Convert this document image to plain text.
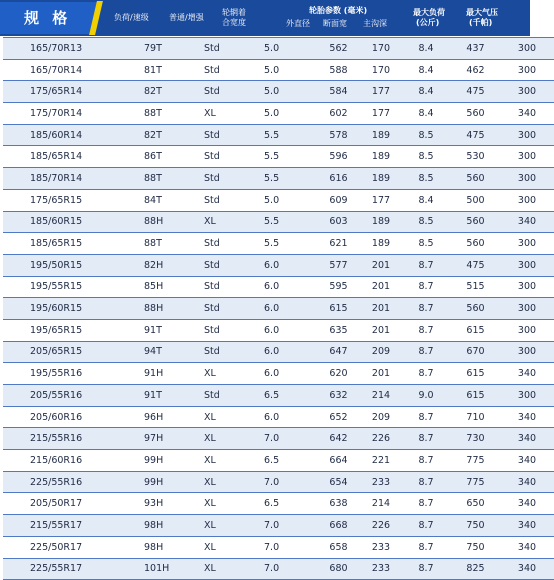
规 格	负荷/速级	普通/增强
轮辋着
合宽度
轮胎参数 (毫米)
外直径 断面宽 主沟深
最大负荷
(公斤)
最大气压
(千帕)
165/70R13	79T	Std	5.0	562	170	8.4	437	300
165/70R14	81T	Std	5.0	588	170	8.4	462	300
175/65R14	82T	Std	5.0	584	177	8.4	475	300
175/70R14	88T	XL	5.0	602	177	8.4	560	340
185/60R14	82T	Std	5.5	578	189	8.5	475	300
185/65R14	86T	Std	5.5	596	189	8.5	530	300
185/70R14	88T	Std	5.5	616	189	8.5	560	300
175/65R15	84T	Std	5.0	609	177	8.4	500	300
185/60R15	88H	XL	5.5	603	189	8.5	560	340
185/65R15	88T	Std	5.5	621	189	8.5	560	300
195/50R15	82H	Std	6.0	577	201	8.7	475	300
195/55R15	85H	Std	6.0	595	201	8.7	515	300
195/60R15	88H	Std	6.0	615	201	8.7	560	300
195/65R15	91T	Std	6.0	635	201	8.7	615	300
205/65R15	94T	Std	6.0	647	209	8.7	670	300
195/55R16	91H	XL	6.0	620	201	8.7	615	340
205/55R16	91T	Std	6.5	632	214	9.0	615	300
205/60R16	96H	XL	6.0	652	209	8.7	710	340
215/55R16	97H	XL	7.0	642	226	8.7	730	340
215/60R16	99H	XL	6.5	664	221	8.7	775	340
225/55R16	99H	XL	7.0	654	233	8.7	775	340
205/50R17	93H	XL	6.5	638	214	8.7	650	340
215/55R17	98H	XL	7.0	668	226	8.7	750	340
225/50R17	98H	XL	7.0	658	233	8.7	750	340
225/55R17	101H	XL	7.0	680	233	8.7	825	340
